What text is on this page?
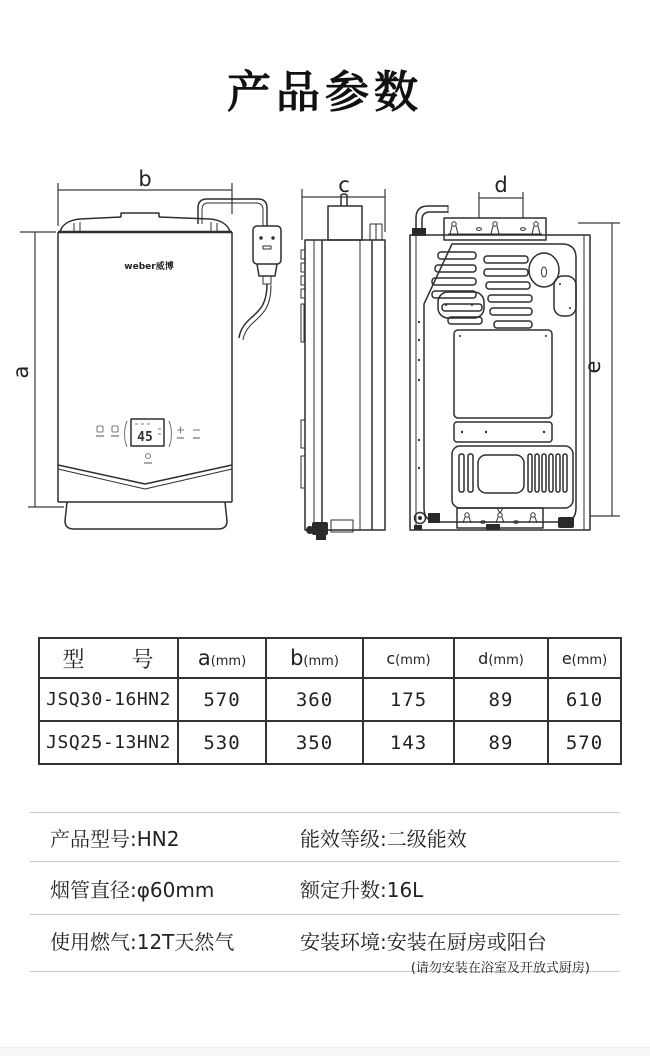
产品参数
b
a
weber威博
45
c	d
e
型　　号	a(mm)	b(mm)	c(mm)	d(mm)	e(mm)
JSQ30-16HN2	570	360	175	89	610
JSQ25-13HN2	530	350	143	89	570
产品型号:HN2	能效等级:二级能效
烟管直径:φ60mm	额定升数:16L
使用燃气:12T天然气	安装环境:安装在厨房或阳台
(请勿安装在浴室及开放式厨房)
